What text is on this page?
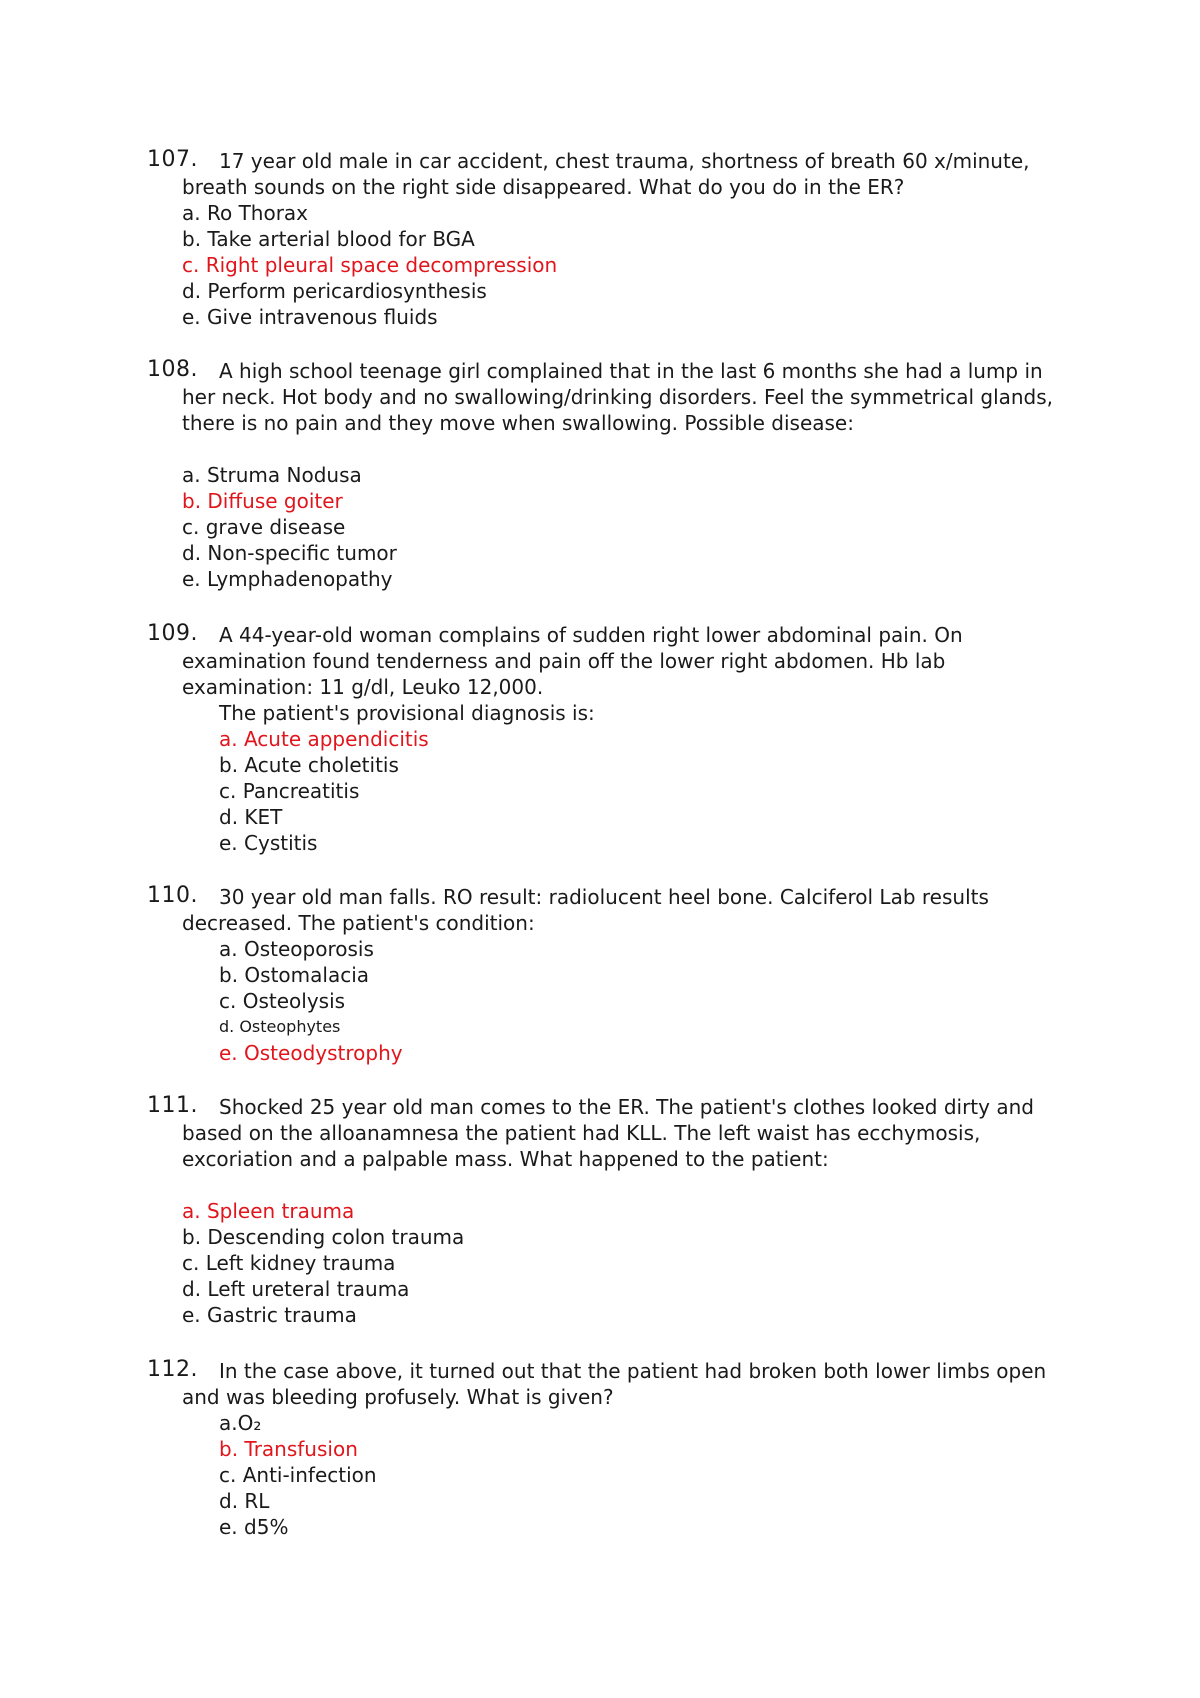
107.	17 year old male in car accident, chest trauma, shortness of breath 60 x/minute,
breath sounds on the right side disappeared. What do you do in the ER?
a. Ro Thorax
b. Take arterial blood for BGA
c. Right pleural space decompression
d. Perform pericardiosynthesis
e. Give intravenous fluids
108.	A high school teenage girl complained that in the last 6 months she had a lump in
her neck. Hot body and no swallowing/drinking disorders. Feel the symmetrical glands,
there is no pain and they move when swallowing. Possible disease:
a. Struma Nodusa
b. Diffuse goiter
c. grave disease
d. Non-specific tumor
e. Lymphadenopathy
109.	A 44-year-old woman complains of sudden right lower abdominal pain. On
examination found tenderness and pain off the lower right abdomen. Hb lab
examination: 11 g/dl, Leuko 12,000.
The patient's provisional diagnosis is:
a. Acute appendicitis
b. Acute choletitis
c. Pancreatitis
d. KET
e. Cystitis
110.	30 year old man falls. RO result: radiolucent heel bone. Calciferol Lab results
decreased. The patient's condition:
a. Osteoporosis
b. Ostomalacia
c. Osteolysis
d. Osteophytes
e. Osteodystrophy
111.	Shocked 25 year old man comes to the ER. The patient's clothes looked dirty and
based on the alloanamnesa the patient had KLL. The left waist has ecchymosis,
excoriation and a palpable mass. What happened to the patient:
a. Spleen trauma
b. Descending colon trauma
c. Left kidney trauma
d. Left ureteral trauma
e. Gastric trauma
112.	In the case above, it turned out that the patient had broken both lower limbs open
and was bleeding profusely. What is given?
a.O₂
b. Transfusion
c. Anti-infection
d. RL
e. d5%
